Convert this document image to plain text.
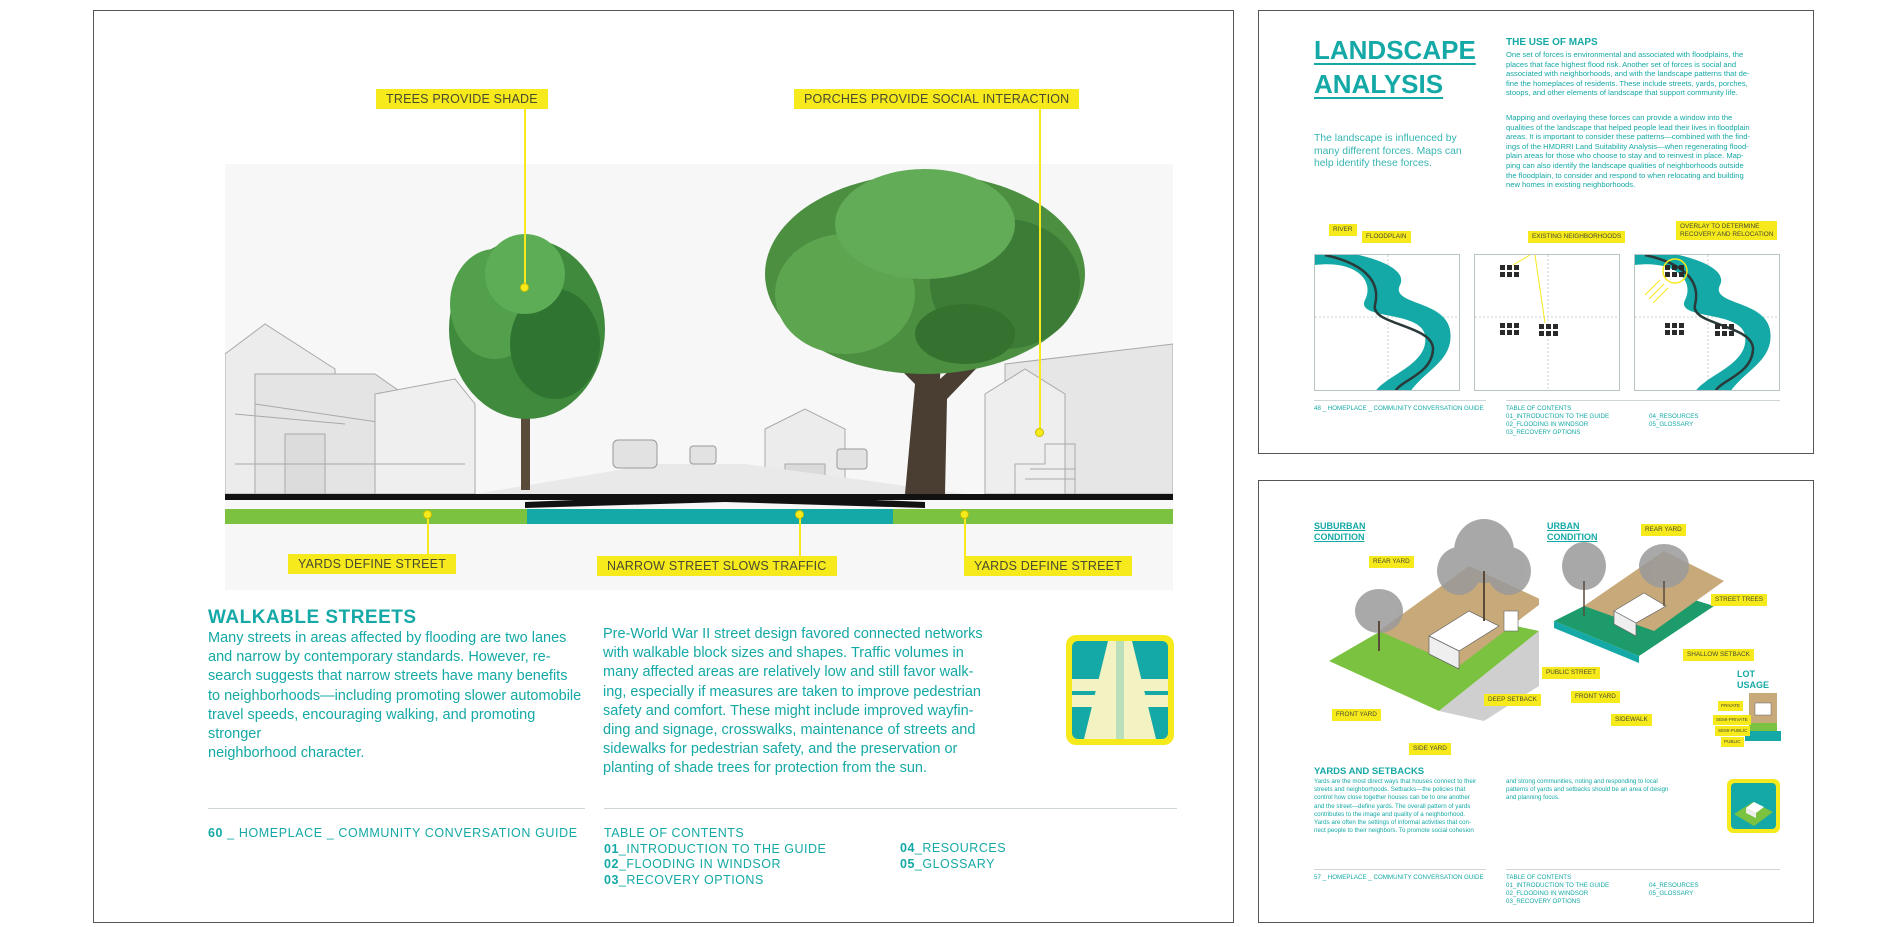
TREES PROVIDE SHADE	PORCHES PROVIDE SOCIAL INTERACTION
YARDS DEFINE STREET	NARROW STREET SLOWS TRAFFIC	YARDS DEFINE STREET
WALKABLE STREETS
Many streets in areas affected by flooding are two lanes
and narrow by contemporary standards. However, re-
search suggests that narrow streets have many benefits
to neighborhoods—including promoting slower automobile
travel speeds, encouraging walking, and promoting stronger
neighborhood character.
Pre-World War II street design favored connected networks
with walkable block sizes and shapes. Traffic volumes in
many affected areas are relatively low and still favor walk-
ing, especially if measures are taken to improve pedestrian
safety and comfort. These might include improved wayfin-
ding and signage, crosswalks, maintenance of streets and
sidewalks for pedestrian safety, and the preservation or
planting of shade trees for protection from the sun.
60 _ HOMEPLACE _ COMMUNITY CONVERSATION GUIDE TABLE OF CONTENTS
01_INTRODUCTION TO THE GUIDE
02_FLOODING IN WINDSOR
03_RECOVERY OPTIONS
04_RESOURCES
05_GLOSSARY
LANDSCAPE
ANALYSIS
The landscape is influenced by
many different forces. Maps can
help identify these forces.
THE USE OF MAPS
One set of forces is environmental and associated with floodplains, the
places that face highest flood risk. Another set of forces is social and
associated with neighborhoods, and with the landscape patterns that de-
fine the homeplaces of residents. These include streets, yards, porches,
stoops, and other elements of landscape that support community life.
Mapping and overlaying these forces can provide a window into the
qualities of the landscape that helped people lead their lives in floodplain
areas. It is important to consider these patterns—combined with the find-
ings of the HMDRRI Land Suitability Analysis—when regenerating flood-
plain areas for those who choose to stay and to reinvest in place. Map-
ping can also identify the landscape qualities of neighborhoods outside
the floodplain, to consider and respond to when relocating and building
new homes in existing neighborhoods.
RIVER
FLOODPLAIN	EXISTING NEIGHBORHOODS
OVERLAY TO DETERMINE
RECOVERY AND RELOCATION
48 _ HOMEPLACE _ COMMUNITY CONVERSATION GUIDE	TABLE OF CONTENTS
01_INTRODUCTION TO THE GUIDE
02_FLOODING IN WINDSOR
03_RECOVERY OPTIONS
04_RESOURCES
05_GLOSSARY
SUBURBAN
CONDITION
URBAN
CONDITION
REAR YARD
FRONT YARD
SIDE YARD
DEEP SETBACK
REAR YARD
STREET TREES
SHALLOW SETBACK
PUBLIC STREET
FRONT YARD
SIDEWALK
LOT
USAGE
PRIVATE
SEMI-PRIVATE
SEMI-PUBLIC
PUBLIC
YARDS AND SETBACKS
Yards are the most direct ways that houses connect to their
streets and neighborhoods. Setbacks—the policies that
control how close together houses can be to one another
and the street—define yards. The overall pattern of yards
contributes to the image and quality of a neighborhood.
Yards are often the settings of informal activities that con-
nect people to their neighbors. To promote social cohesion
and strong communities, noting and responding to local
patterns of yards and setbacks should be an area of design
and planning focus.
57 _ HOMEPLACE _ COMMUNITY CONVERSATION GUIDE	TABLE OF CONTENTS
01_INTRODUCTION TO THE GUIDE
02_FLOODING IN WINDSOR
03_RECOVERY OPTIONS
04_RESOURCES
05_GLOSSARY
